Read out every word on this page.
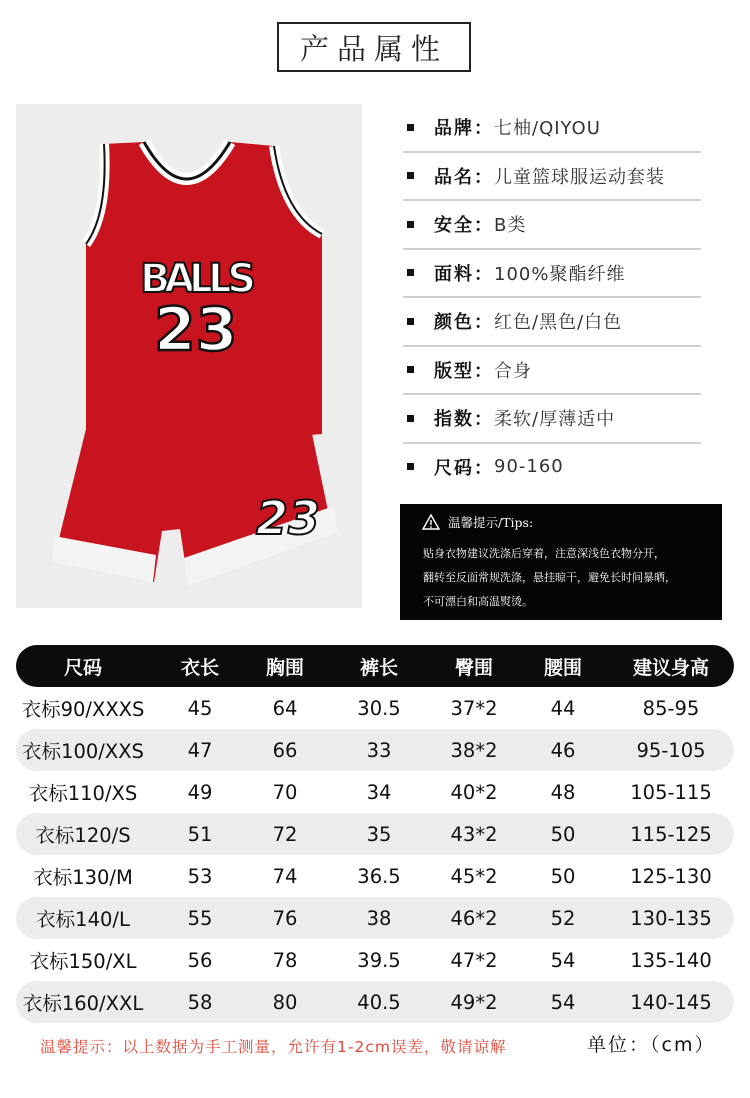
产品属性
23
BALLS
23
品牌： 七柚/QIYOU
品名： 儿童篮球服运动套装
安全： B类
面料： 100%聚酯纤维
颜色： 红色/黑色/白色
版型： 合身
指数： 柔软/厚薄适中
尺码： 90-160
温馨提示/Tips:
贴身衣物建议洗涤后穿着，注意深浅色衣物分开，
翻转至反面常规洗涤，悬挂晾干，避免长时间暴晒，
不可漂白和高温熨烫。
尺码	衣长	胸围	裤长	臀围	腰围	建议身高
衣标90/XXXS	45	64	30.5	37*2	44	85-95
衣标100/XXS	47	66	33	38*2	46	95-105
衣标110/XS	49	70	34	40*2	48	105-115
衣标120/S	51	72	35	43*2	50	115-125
衣标130/M	53	74	36.5	45*2	50	125-130
衣标140/L	55	76	38	46*2	52	130-135
衣标150/XL	56	78	39.5	47*2	54	135-140
衣标160/XXL	58	80	40.5	49*2	54	140-145
温馨提示：以上数据为手工测量，允许有1-2cm误差，敬请谅解	单位：（cm）
